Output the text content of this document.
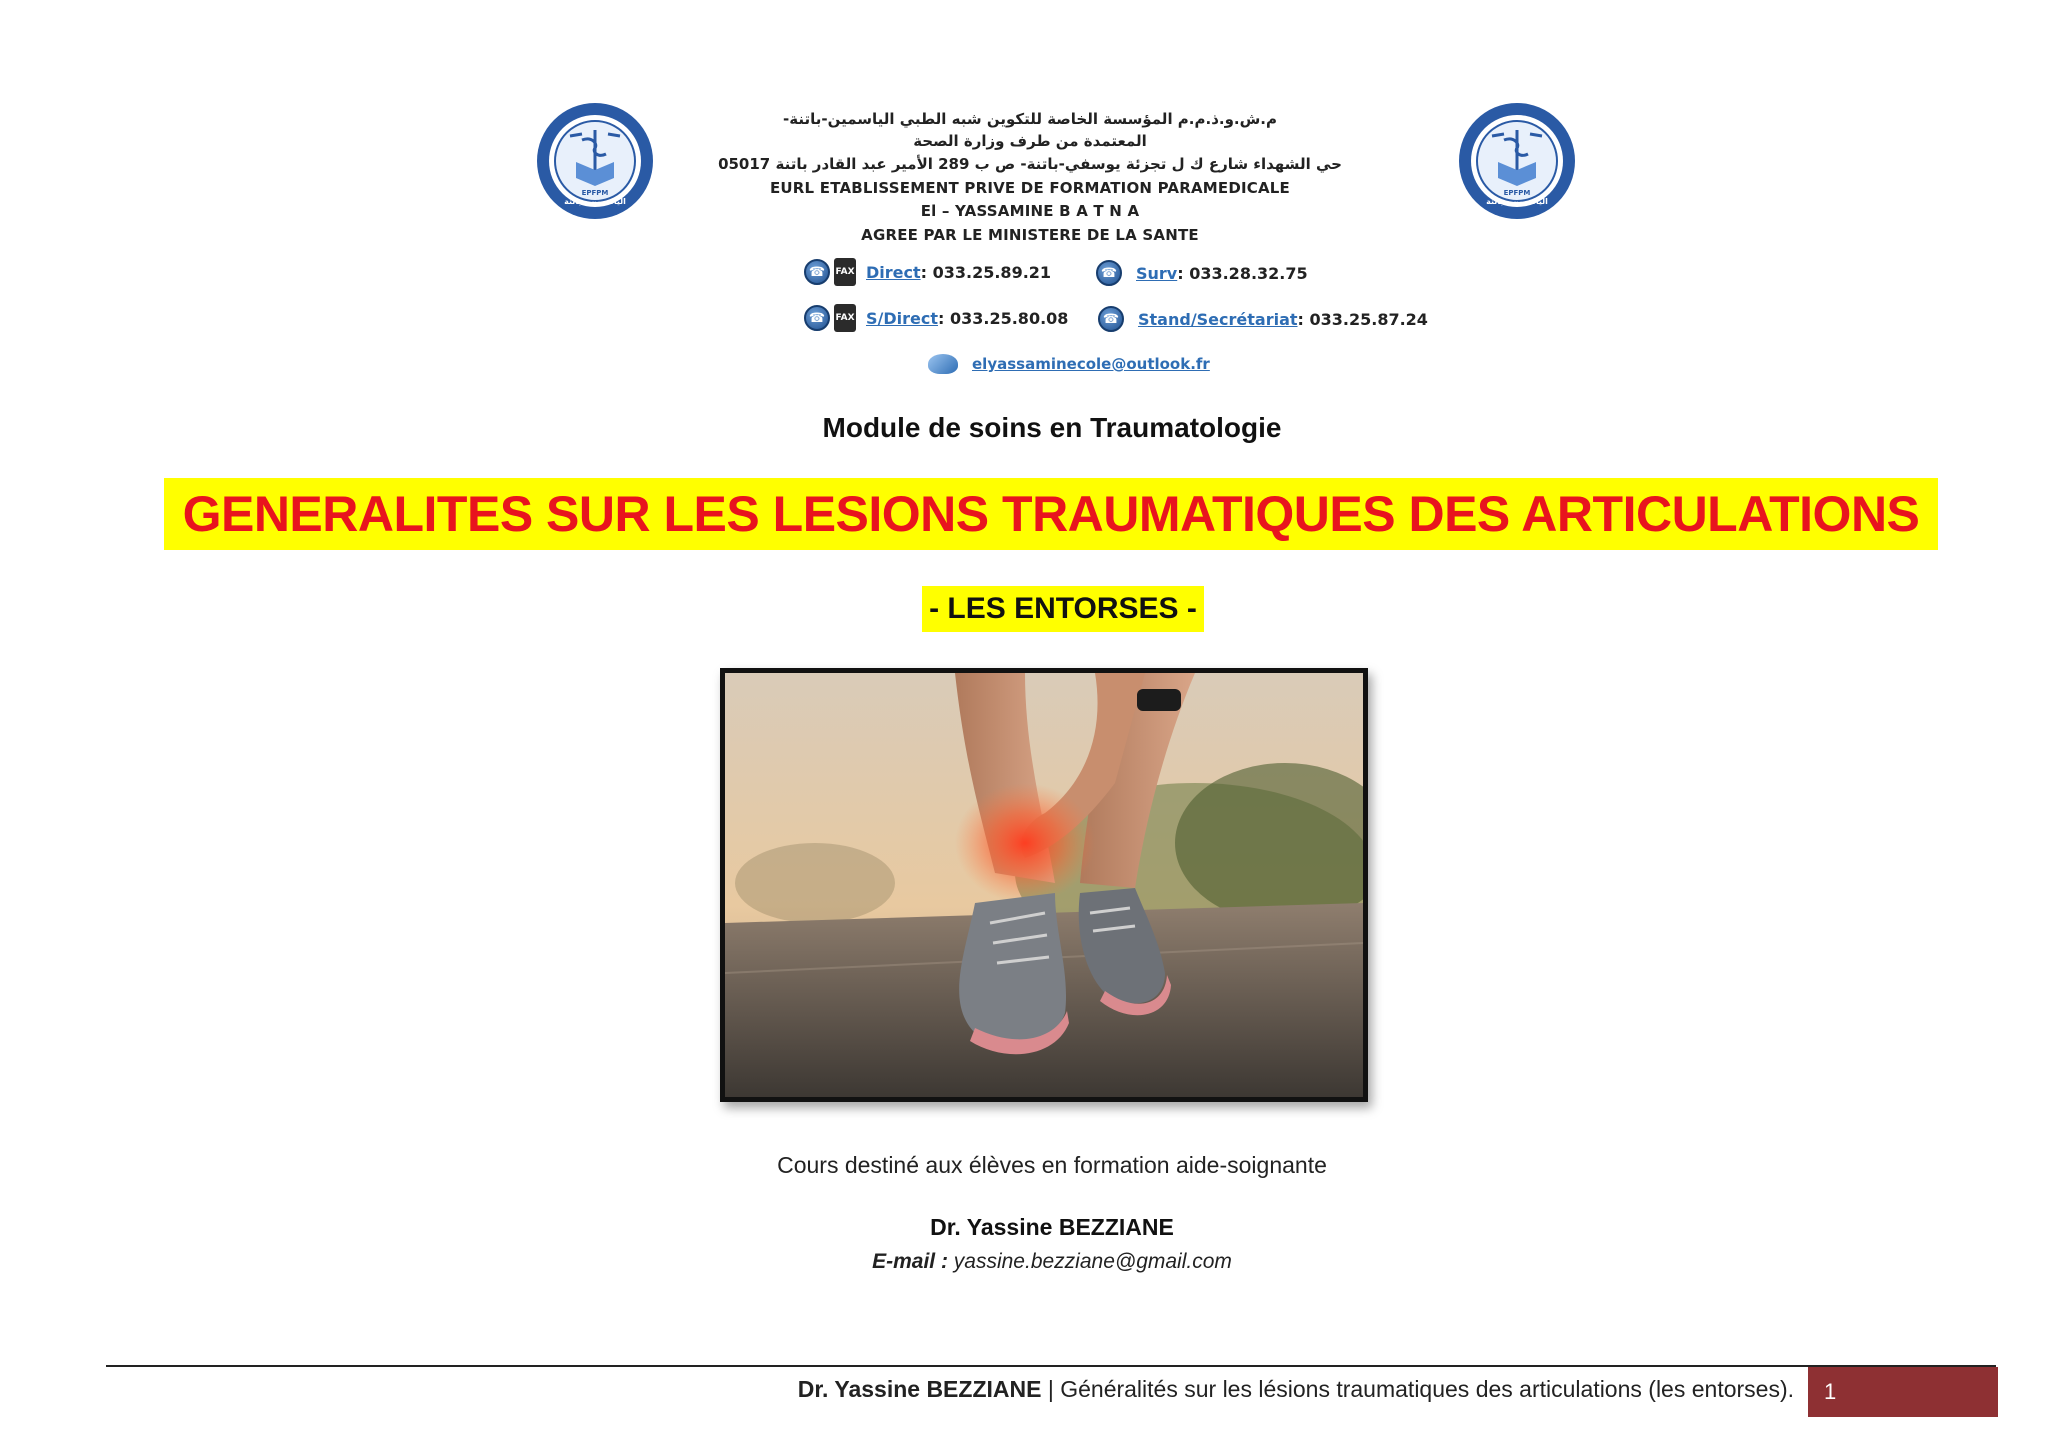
الياسمين - باتنة
EPFPM
الياسمين - باتنة
EPFPM
م.ش.و.ذ.م.م المؤسسة الخاصة للتكوين شبه الطبي الياسمين-باتنة-
المعتمدة من طرف وزارة الصحة
حي الشهداء شارع ك ل تجزئة يوسفي-باتنة- ص ب 289 الأمير عبد القادر باتنة 05017
EURL ETABLISSEMENT PRIVE DE FORMATION PARAMEDICALE
El – YASSAMINE B A T N A
AGREE PAR LE MINISTERE DE LA SANTE
☎	FAX Direct : 033.25.89.21	☎	Surv : 033.28.32.75
☎	FAX S/Direct : 033.25.80.08	☎	Stand/Secrétariat : 033.25.87.24
elyassaminecole@outlook.fr
Module de soins en Traumatologie
GENERALITES SUR LES LESIONS TRAUMATIQUES DES ARTICULATIONS
- LES ENTORSES -
Cours destiné aux élèves en formation aide-soignante
Dr. Yassine BEZZIANE
E-mail : yassine.bezziane@gmail.com
Dr. Yassine BEZZIANE | Généralités sur les lésions traumatiques des articulations (les entorses).	1
